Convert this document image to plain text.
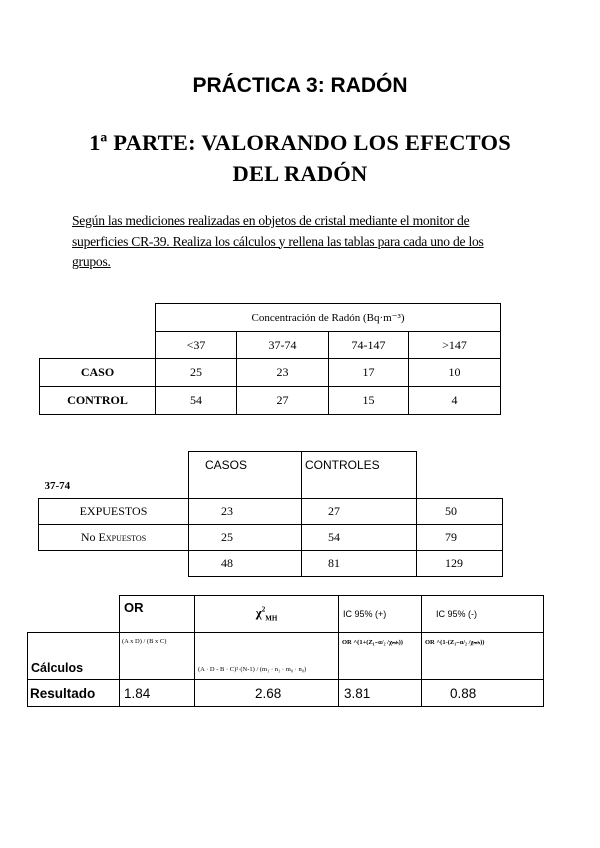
PRÁCTICA 3: RADÓN
1ª PARTE: VALORANDO LOS EFECTOS
DEL RADÓN
Según las mediciones realizadas en objetos de cristal mediante el monitor de
superficies CR-39. Realiza los cálculos y rellena las tablas para cada uno de los
grupos.
	Concentración de Radón (Bq·m⁻³)			
	<37	37-74	74-147	>147
CASO	25	23	17	10
CONTROL	54	27	15	4
37-74	CASOS	CONTROLES	
EXPUESTOS	23	27	50
No Expuestos	25	54	79
	48	81	129
	OR	$\chi^2_{MH}$	IC 95% (+)	IC 95% (-)
Cálculos	(A x D) / (B x C)	(A · D - B · C)²·(N-1) / (m₁ · n₁ · m₀ · n₀)	OR ^(1+(Z₁₋α/₂ /χₘₕ))	OR ^(1-(Z₁₋α/₂ /χₘₕ))
Resultado	1.84	2.68	3.81	0.88
